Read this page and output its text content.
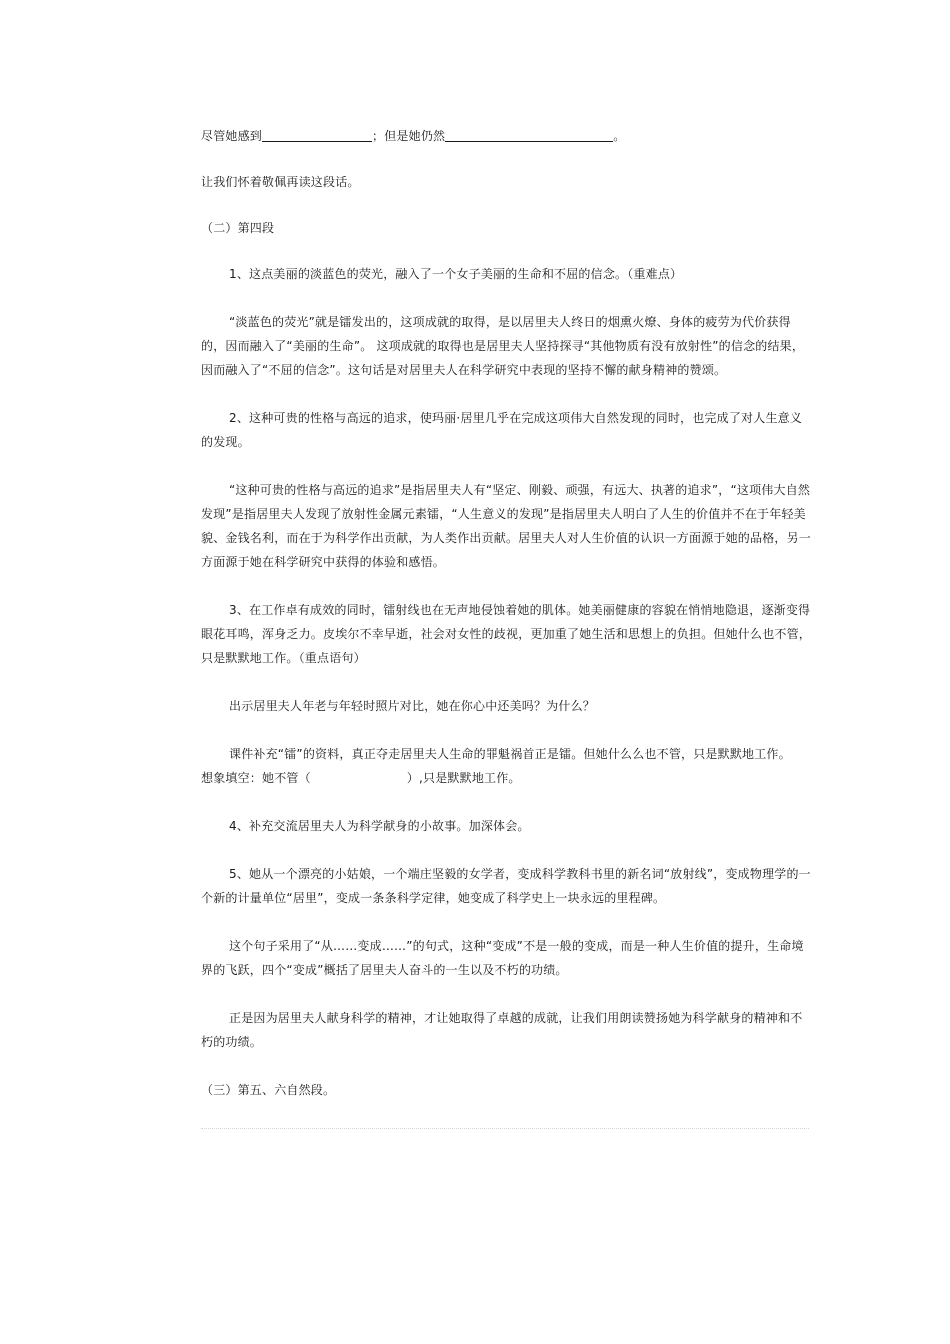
尽管她感到	；但是她仍然	。

让我们怀着敬佩再读这段话。

（二）第四段

1、这点美丽的淡蓝色的荧光，融入了一个女子美丽的生命和不屈的信念。（重难点）

“淡蓝色的荧光”就是镭发出的，这项成就的取得，是以居里夫人终日的烟熏火燎、身体的疲劳为代价获得的，因而融入了“美丽的生命”。 这项成就的取得也是居里夫人坚持探寻“其他物质有没有放射性”的信念的结果，因而融入了“不屈的信念”。这句话是对居里夫人在科学研究中表现的坚持不懈的献身精神的赞颂。

2、这种可贵的性格与高远的追求，使玛丽·居里几乎在完成这项伟大自然发现的同时，也完成了对人生意义的发现。

“这种可贵的性格与高远的追求”是指居里夫人有“坚定、刚毅、顽强，有远大、执著的追求”，“这项伟大自然发现”是指居里夫人发现了放射性金属元素镭，“人生意义的发现”是指居里夫人明白了人生的价值并不在于年轻美貌、金钱名利，而在于为科学作出贡献，为人类作出贡献。居里夫人对人生价值的认识一方面源于她的品格，另一方面源于她在科学研究中获得的体验和感悟。

3、在工作卓有成效的同时，镭射线也在无声地侵蚀着她的肌体。她美丽健康的容貌在悄悄地隐退，逐渐变得眼花耳鸣，浑身乏力。皮埃尔不幸早逝，社会对女性的歧视，更加重了她生活和思想上的负担。但她什么也不管，只是默默地工作。（重点语句）

出示居里夫人年老与年轻时照片对比，她在你心中还美吗？为什么？

课件补充“镭”的资料，真正夺走居里夫人生命的罪魁祸首正是镭。但她什么么也不管，只是默默地工作。

想象填空：她不管（	）,只是默默地工作。

4、补充交流居里夫人为科学献身的小故事。加深体会。

5、她从一个漂亮的小姑娘，一个端庄坚毅的女学者，变成科学教科书里的新名词“放射线”，变成物理学的一个新的计量单位“居里”，变成一条条科学定律，她变成了科学史上一块永远的里程碑。

这个句子采用了“从……变成……”的句式，这种“变成”不是一般的变成，而是一种人生价值的提升，生命境界的飞跃，四个“变成”概括了居里夫人奋斗的一生以及不朽的功绩。

正是因为居里夫人献身科学的精神，才让她取得了卓越的成就，让我们用朗读赞扬她为科学献身的精神和不朽的功绩。

（三）第五、六自然段。
